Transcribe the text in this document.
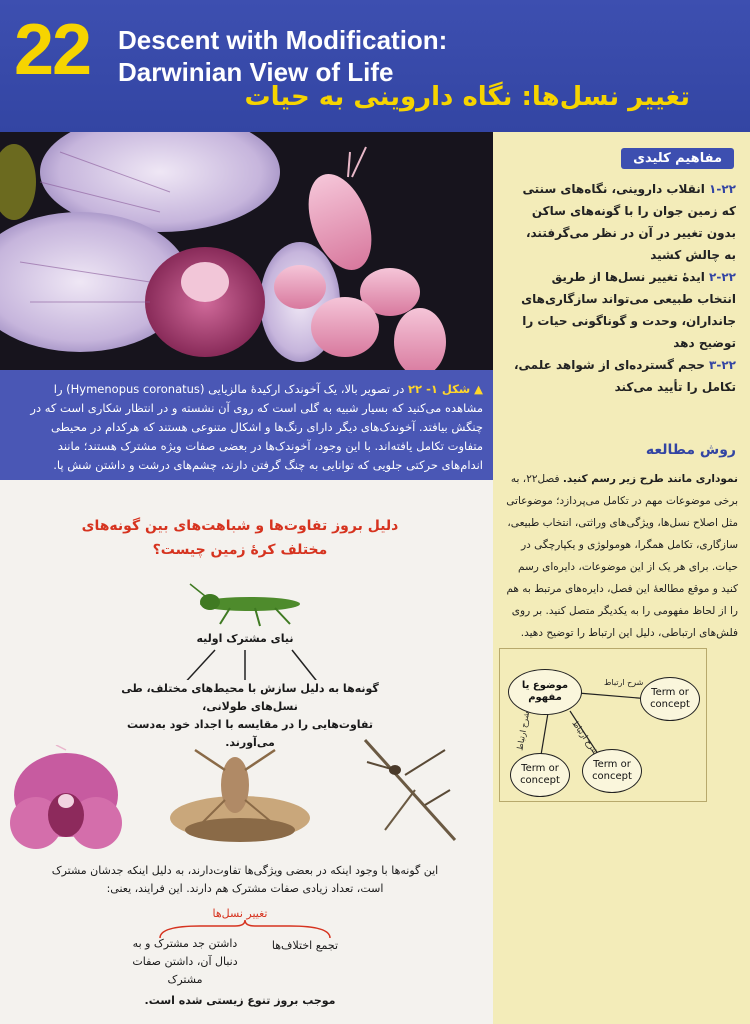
22 Descent with Modification:
Darwinian View of Life
تغییر نسل‌ها: نگاه داروینی به حیات

▲ شکل ۱- ۲۲ در تصویر بالا، یک آخوندک ارکیدهٔ مالزیایی (Hymenopus coronatus) را

مشاهده می‌کنید که بسیار شبیه به گلی است که روی آن نشسته و در انتظار شکاری است که در

چنگش بیافتد. آخوندک‌های دیگر دارای رنگ‌ها و اشکال متنوعی هستند که هرکدام در محیطی

متفاوت تکامل یافته‌اند. با این وجود، آخوندک‌ها در بعضی صفات ویژه مشترک هستند؛ مانند

اندام‌های حرکتی جلویی که توانایی به چنگ گرفتن دارند، چشم‌های درشت و داشتن شش پا.

دلیل بروز تفاوت‌ها و شباهت‌های بین گونه‌های مختلف کرهٔ زمین چیست؟
نیای مشترک اولیه
گونه‌ها به دلیل سازش با محیط‌های مختلف، طی نسل‌های طولانی،
تفاوت‌هایی را در مقایسه با اجداد خود به‌دست می‌آورند.
این گونه‌ها با وجود اینکه در بعضی ویژگی‌ها تفاوت‌دارند، به دلیل اینکه جدشان مشترک
است، تعداد زیادی صفات مشترک هم دارند. این فرایند، یعنی:
تغییر نسل‌ها
داشتن جد مشترک و به
دنبال آن، داشتن صفات
مشترک
تجمع اختلاف‌ها
موجب بروز تنوع زیستی شده است.
مفاهیم کلیدی
۱-۲۲ انقلاب داروینی، نگاه‌های سنتی که زمین جوان را با گونه‌های ساکن بدون تغییر در آن در نظر می‌گرفتند، به چالش کشید
۲-۲۲ ایدهٔ تغییر نسل‌ها از طریق انتخاب طبیعی می‌تواند سازگاری‌های جانداران، وحدت و گوناگونی حیات را توضیح دهد
۳-۲۲ حجم گسترده‌ای از شواهد علمی، تکامل را تأیید می‌کند
روش مطالعه
نموداری مانند طرح زیر رسم کنید. فصل۲۲، به برخی موضوعات مهم در تکامل می‌پردازد؛ موضوعاتی مثل اصلاح نسل‌ها، ویژگی‌های وراثتی، انتخاب طبیعی، سازگاری، تکامل همگرا، هومولوژی و یکپارچگی در حیات. برای هر یک از این موضوعات، دایره‌ای رسم کنید و موقع مطالعهٔ این فصل، دایره‌های مرتبط به هم را از لحاظ مفهومی را به یکدیگر متصل کنید. بر روی فلش‌های ارتباطی، دلیل این ارتباط را توضیح دهید.
شرح ارتباط
شرح ارتباط	شرح ارتباط
موضوع یا مفهوم	Term or concept
Term or concept
Term or concept
